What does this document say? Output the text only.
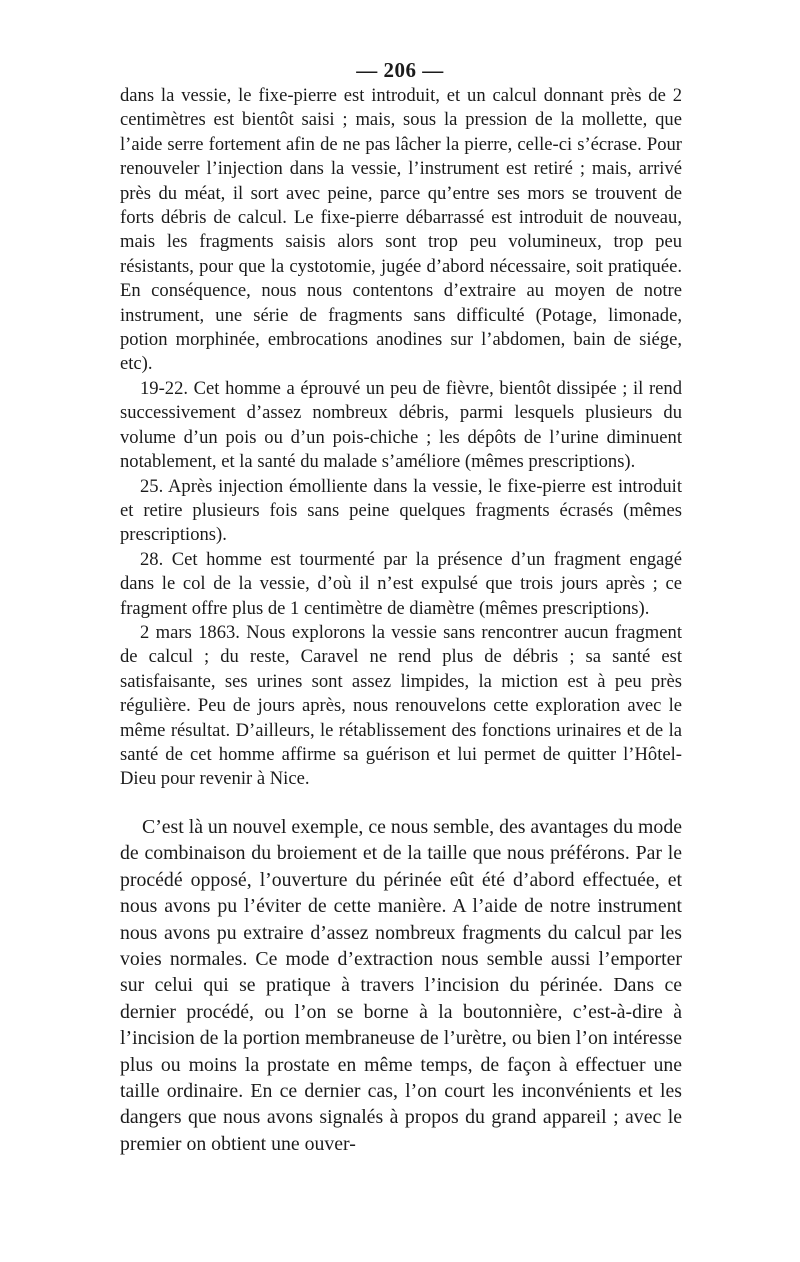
— 206 —

dans la vessie, le fixe-pierre est introduit, et un calcul donnant près de 2 centimètres est bientôt saisi ; mais, sous la pression de la mollette, que l’aide serre fortement afin de ne pas lâcher la pierre, celle-ci s’écrase. Pour renouveler l’injection dans la vessie, l’instrument est retiré ; mais, arrivé près du méat, il sort avec peine, parce qu’entre ses mors se trouvent de forts débris de calcul. Le fixe-pierre débarrassé est introduit de nouveau, mais les fragments saisis alors sont trop peu volumineux, trop peu résistants, pour que la cystotomie, jugée d’abord nécessaire, soit pratiquée. En conséquence, nous nous contentons d’extraire au moyen de notre instrument, une série de fragments sans difficulté (Potage, limonade, potion morphinée, embrocations anodines sur l’abdomen, bain de siége, etc).

19-22. Cet homme a éprouvé un peu de fièvre, bientôt dissipée ; il rend successivement d’assez nombreux débris, parmi lesquels plusieurs du volume d’un pois ou d’un pois-chiche ; les dépôts de l’urine diminuent notablement, et la santé du malade s’améliore (mêmes prescriptions).

25. Après injection émolliente dans la vessie, le fixe-pierre est introduit et retire plusieurs fois sans peine quelques fragments écrasés (mêmes prescriptions).

28. Cet homme est tourmenté par la présence d’un fragment engagé dans le col de la vessie, d’où il n’est expulsé que trois jours après ; ce fragment offre plus de 1 centimètre de diamètre (mêmes prescriptions).

2 mars 1863. Nous explorons la vessie sans rencontrer aucun fragment de calcul ; du reste, Caravel ne rend plus de débris ; sa santé est satisfaisante, ses urines sont assez limpides, la miction est à peu près régulière. Peu de jours après, nous renouvelons cette exploration avec le même résultat. D’ailleurs, le rétablissement des fonctions urinaires et de la santé de cet homme affirme sa guérison et lui permet de quitter l’Hôtel-Dieu pour revenir à Nice.

C’est là un nouvel exemple, ce nous semble, des avantages du mode de combinaison du broiement et de la taille que nous préférons. Par le procédé opposé, l’ouverture du périnée eût été d’abord effectuée, et nous avons pu l’éviter de cette manière. A l’aide de notre instrument nous avons pu extraire d’assez nombreux fragments du calcul par les voies normales. Ce mode d’extraction nous semble aussi l’emporter sur celui qui se pratique à travers l’incision du périnée. Dans ce dernier procédé, ou l’on se borne à la boutonnière, c’est-à-dire à l’incision de la portion membraneuse de l’urètre, ou bien l’on intéresse plus ou moins la prostate en même temps, de façon à effectuer une taille ordinaire. En ce dernier cas, l’on court les inconvénients et les dangers que nous avons signalés à propos du grand appareil ; avec le premier on obtient une ouver-
